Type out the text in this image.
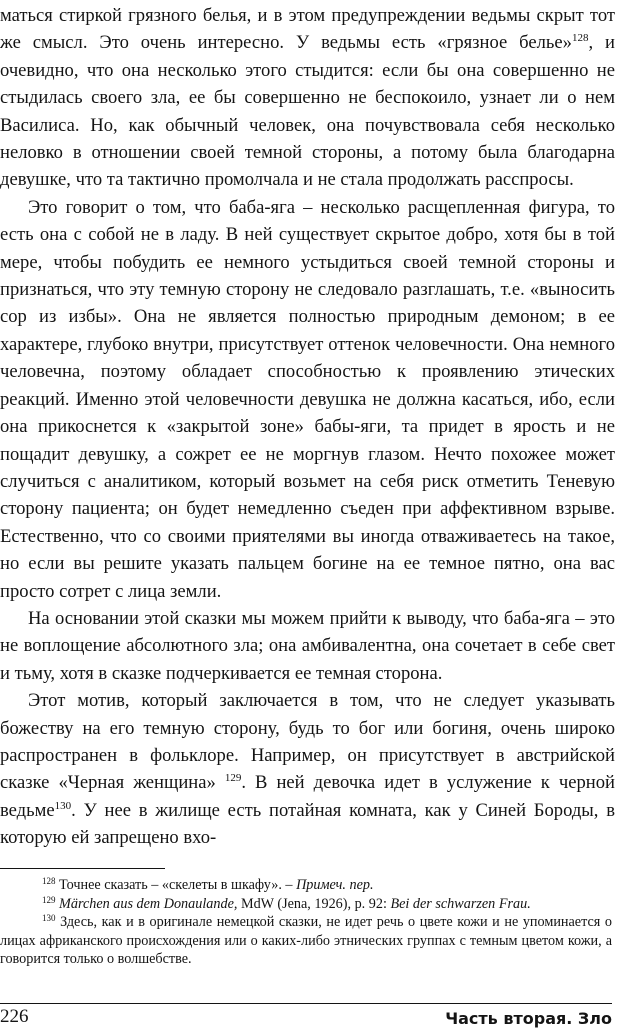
маться стиркой грязного белья, и в этом предупреждении ведьмы скрыт тот же смысл. Это очень интересно. У ведьмы есть «грязное белье»$^{128}$, и очевидно, что она несколько этого стыдится: если бы она совершенно не стыдилась своего зла, ее бы совершенно не беспокоило, узнает ли о нем Василиса. Но, как обычный человек, она почувствовала себя несколько неловко в отношении своей темной стороны, а потому была благодарна девушке, что та тактично промолчала и не стала продолжать расспросы.

Это говорит о том, что баба-яга – несколько расщепленная фигура, то есть она с собой не в ладу. В ней существует скрытое добро, хотя бы в той мере, чтобы побудить ее немного устыдиться своей темной стороны и признаться, что эту темную сторону не следовало разглашать, т.е. «выносить сор из избы». Она не является полностью природным демоном; в ее характере, глубоко внутри, присутствует оттенок человечности. Она немного человечна, поэтому обладает способностью к проявлению этических реакций. Именно этой человечности девушка не должна касаться, ибо, если она прикоснется к «закрытой зоне» бабы-яги, та придет в ярость и не пощадит девушку, а сожрет ее не моргнув глазом. Нечто похожее может случиться с аналитиком, который возьмет на себя риск отметить Теневую сторону пациента; он будет немедленно съеден при аффективном взрыве. Естественно, что со своими приятелями вы иногда отваживаетесь на такое, но если вы решите указать пальцем богине на ее темное пятно, она вас просто сотрет с лица земли.

На основании этой сказки мы можем прийти к выводу, что баба-яга – это не воплощение абсолютного зла; она амбивалентна, она сочетает в себе свет и тьму, хотя в сказке подчеркивается ее темная сторона.

Этот мотив, который заключается в том, что не следует указывать божеству на его темную сторону, будь то бог или богиня, очень широко распространен в фольклоре. Например, он присутствует в австрийской сказке «Черная женщина» $^{129}$. В ней девочка идет в услужение к черной ведьме$^{130}$. У нее в жилище есть потайная комната, как у Синей Бороды, в которую ей запрещено вхо-

$^{128}$ Точнее сказать – «скелеты в шкафу». – Примеч. пер.

$^{129}$ Märchen aus dem Donaulande, MdW (Jena, 1926), p. 92: Bei der schwarzen Frau.

$^{130}$ Здесь, как и в оригинале немецкой сказки, не идет речь о цвете кожи и не упоминается о лицах африканского происхождения или о каких-либо этнических группах с темным цветом кожи, а говорится только о волшебстве.

226	Часть вторая. Зло
